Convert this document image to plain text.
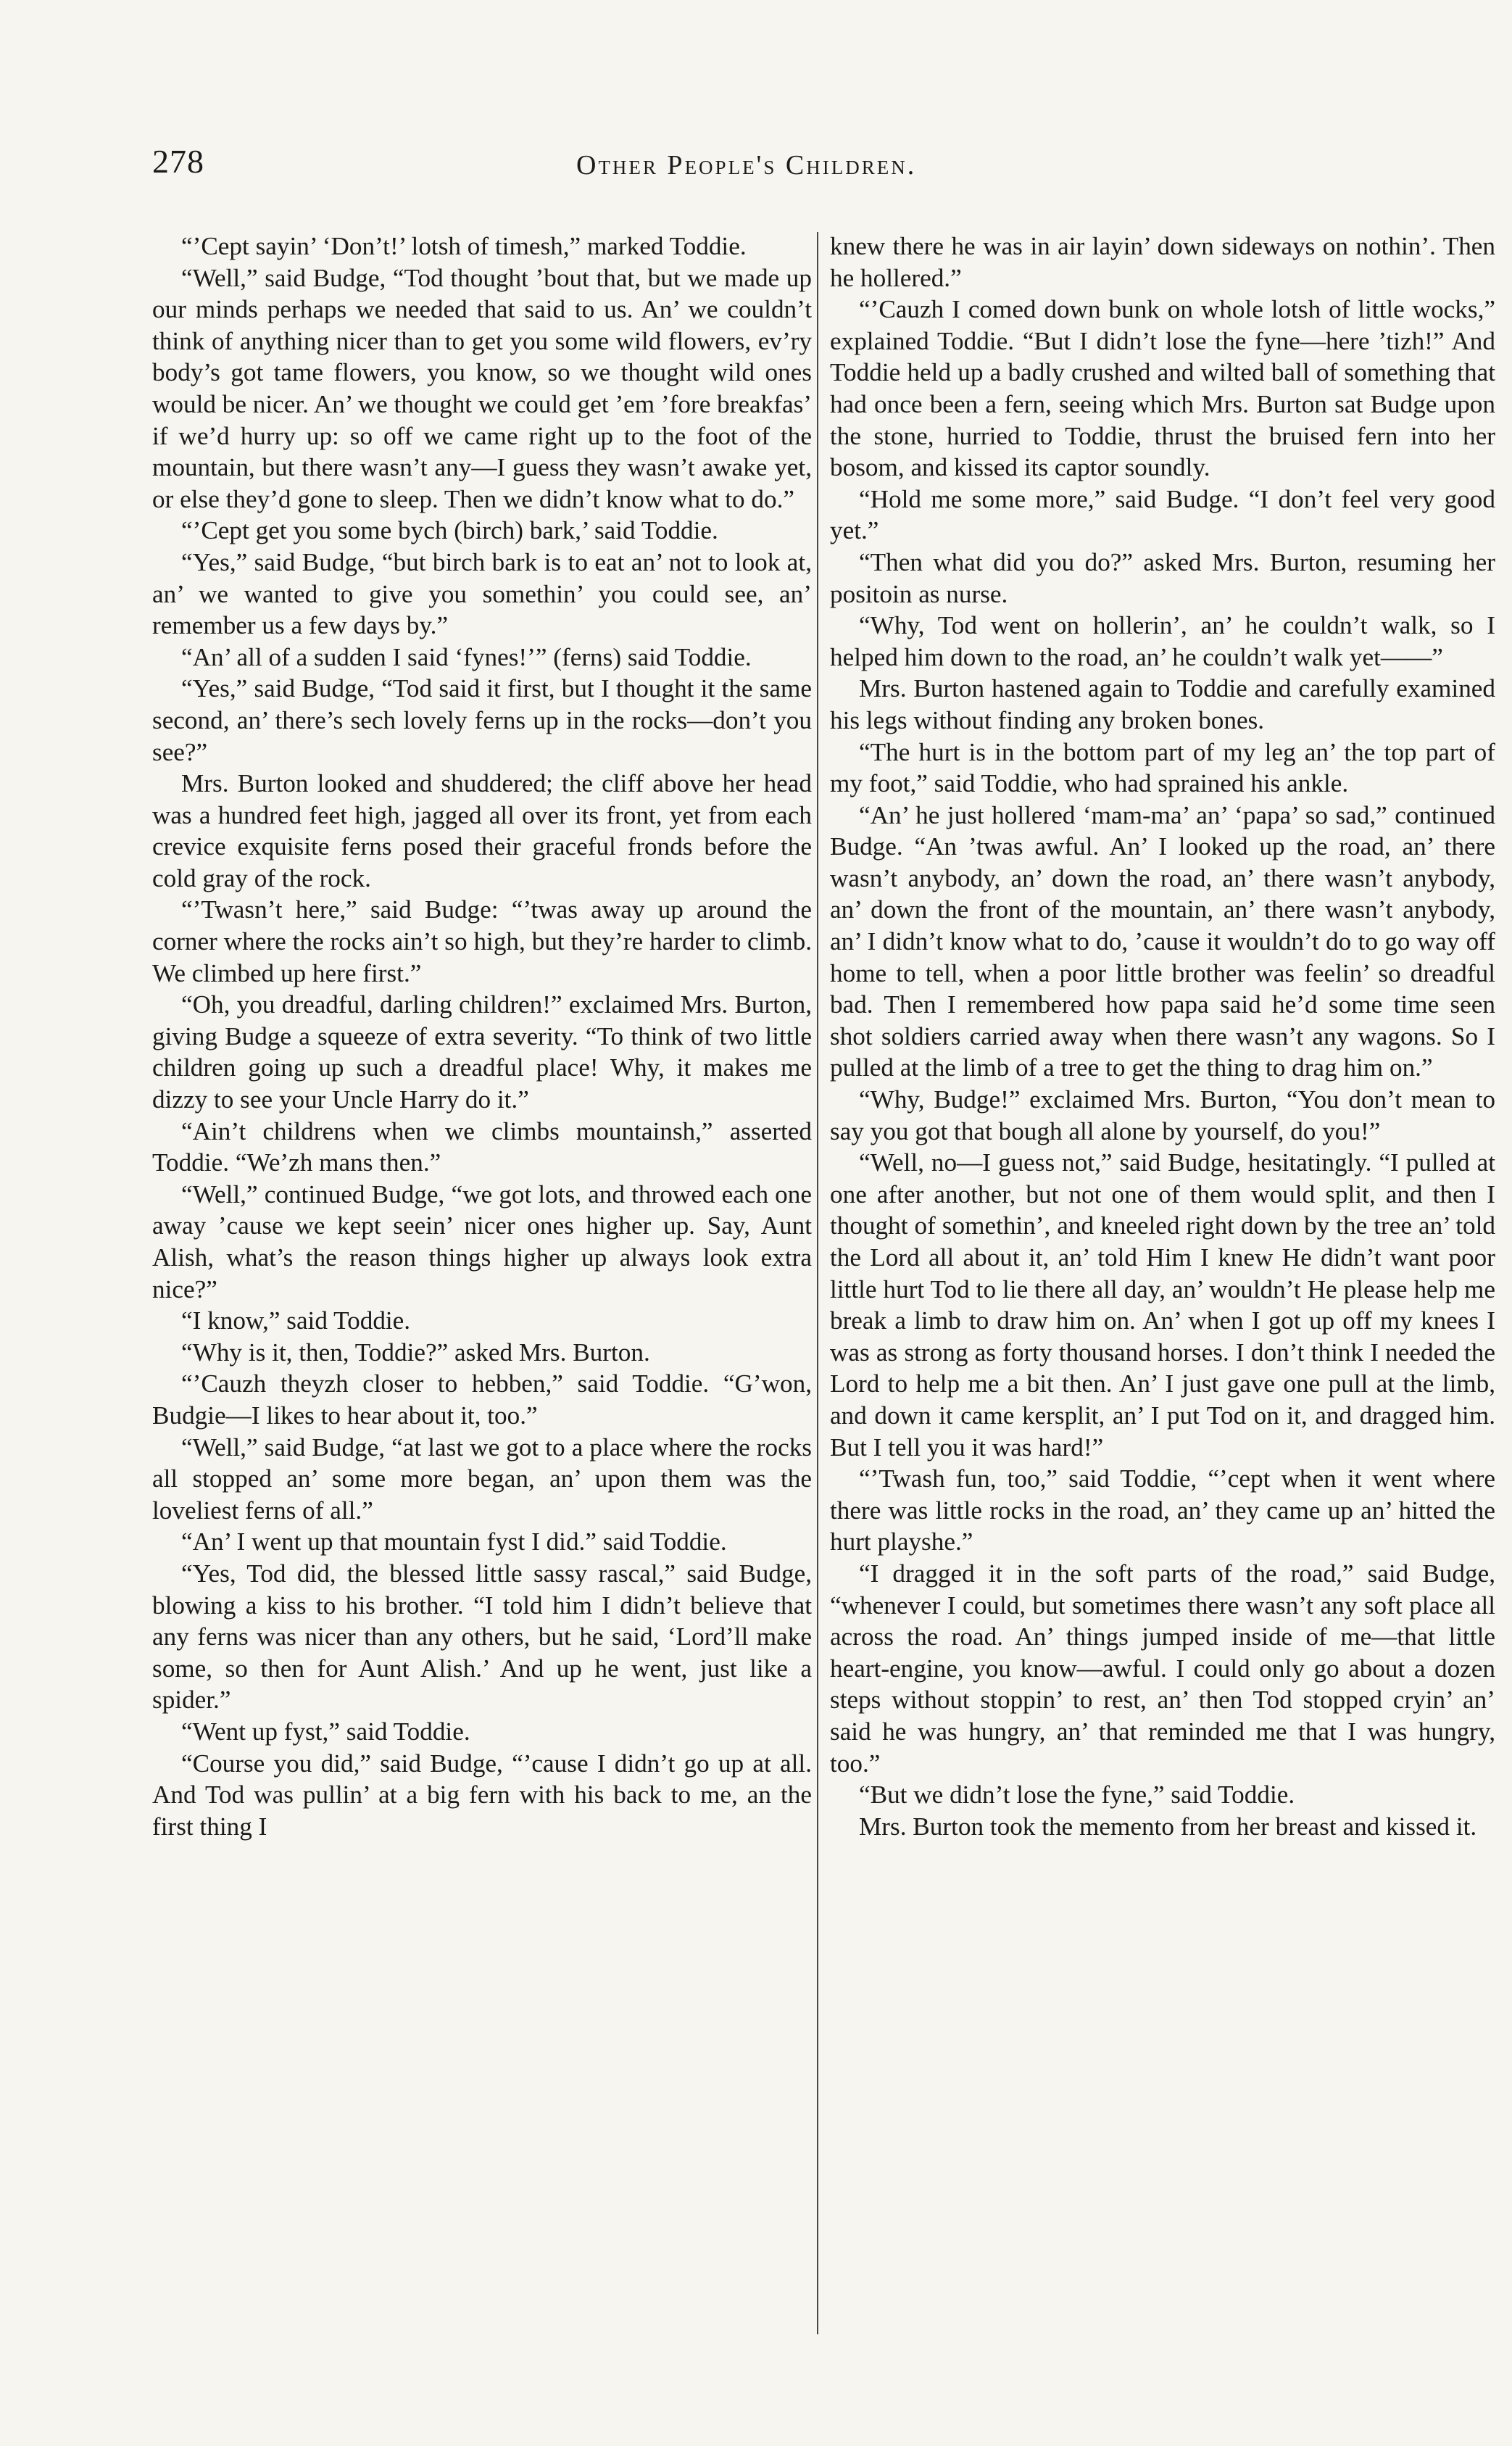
278	Other People's Children.

“’Cept sayin’ ‘Don’t!’ lotsh of timesh,” marked Toddie.

“Well,” said Budge, “Tod thought ’bout that, but we made up our minds perhaps we needed that said to us. An’ we couldn’t think of anything nicer than to get you some wild flowers, ev’ry body’s got tame flowers, you know, so we thought wild ones would be nicer. An’ we thought we could get ’em ’fore breakfas’ if we’d hurry up: so off we came right up to the foot of the mountain, but there wasn’t any—I guess they wasn’t awake yet, or else they’d gone to sleep. Then we didn’t know what to do.”

“’Cept get you some bych (birch) bark,’ said Toddie.

“Yes,” said Budge, “but birch bark is to eat an’ not to look at, an’ we wanted to give you somethin’ you could see, an’ remember us a few days by.”

“An’ all of a sudden I said ‘fynes!’” (ferns) said Toddie.

“Yes,” said Budge, “Tod said it first, but I thought it the same second, an’ there’s sech lovely ferns up in the rocks—don’t you see?”

Mrs. Burton looked and shuddered; the cliff above her head was a hundred feet high, jagged all over its front, yet from each crevice exquisite ferns posed their graceful fronds before the cold gray of the rock.

“’Twasn’t here,” said Budge: “’twas away up around the corner where the rocks ain’t so high, but they’re harder to climb. We climbed up here first.”

“Oh, you dreadful, darling children!” exclaimed Mrs. Burton, giving Budge a squeeze of extra severity. “To think of two little children going up such a dreadful place! Why, it makes me dizzy to see your Uncle Harry do it.”

“Ain’t childrens when we climbs mountainsh,” asserted Toddie. “We’zh mans then.”

“Well,” continued Budge, “we got lots, and throwed each one away ’cause we kept seein’ nicer ones higher up. Say, Aunt Alish, what’s the reason things higher up always look extra nice?”

“I know,” said Toddie.

“Why is it, then, Toddie?” asked Mrs. Burton.

“’Cauzh theyzh closer to hebben,” said Toddie. “G’won, Budgie—I likes to hear about it, too.”

“Well,” said Budge, “at last we got to a place where the rocks all stopped an’ some more began, an’ upon them was the loveliest ferns of all.”

“An’ I went up that mountain fyst I did.” said Toddie.

“Yes, Tod did, the blessed little sassy rascal,” said Budge, blowing a kiss to his brother. “I told him I didn’t believe that any ferns was nicer than any others, but he said, ‘Lord’ll make some, so then for Aunt Alish.’ And up he went, just like a spider.”

“Went up fyst,” said Toddie.

“Course you did,” said Budge, “’cause I didn’t go up at all. And Tod was pullin’ at a big fern with his back to me, an the first thing I

knew there he was in air layin’ down sideways on nothin’. Then he hollered.”

“’Cauzh I comed down bunk on whole lotsh of little wocks,” explained Toddie. “But I didn’t lose the fyne—here ’tizh!” And Toddie held up a badly crushed and wilted ball of something that had once been a fern, seeing which Mrs. Burton sat Budge upon the stone, hurried to Toddie, thrust the bruised fern into her bosom, and kissed its captor soundly.

“Hold me some more,” said Budge. “I don’t feel very good yet.”

“Then what did you do?” asked Mrs. Burton, resuming her positoin as nurse.

“Why, Tod went on hollerin’, an’ he couldn’t walk, so I helped him down to the road, an’ he couldn’t walk yet——”

Mrs. Burton hastened again to Toddie and carefully examined his legs without finding any broken bones.

“The hurt is in the bottom part of my leg an’ the top part of my foot,” said Toddie, who had sprained his ankle.

“An’ he just hollered ‘mam-ma’ an’ ‘papa’ so sad,” continued Budge. “An ’twas awful. An’ I looked up the road, an’ there wasn’t anybody, an’ down the road, an’ there wasn’t anybody, an’ down the front of the mountain, an’ there wasn’t anybody, an’ I didn’t know what to do, ’cause it wouldn’t do to go way off home to tell, when a poor little brother was feelin’ so dreadful bad. Then I remembered how papa said he’d some time seen shot soldiers carried away when there wasn’t any wagons. So I pulled at the limb of a tree to get the thing to drag him on.”

“Why, Budge!” exclaimed Mrs. Burton, “You don’t mean to say you got that bough all alone by yourself, do you!”

“Well, no—I guess not,” said Budge, hesitatingly. “I pulled at one after another, but not one of them would split, and then I thought of somethin’, and kneeled right down by the tree an’ told the Lord all about it, an’ told Him I knew He didn’t want poor little hurt Tod to lie there all day, an’ wouldn’t He please help me break a limb to draw him on. An’ when I got up off my knees I was as strong as forty thousand horses. I don’t think I needed the Lord to help me a bit then. An’ I just gave one pull at the limb, and down it came kersplit, an’ I put Tod on it, and dragged him. But I tell you it was hard!”

“’Twash fun, too,” said Toddie, “’cept when it went where there was little rocks in the road, an’ they came up an’ hitted the hurt playshe.”

“I dragged it in the soft parts of the road,” said Budge, “whenever I could, but sometimes there wasn’t any soft place all across the road. An’ things jumped inside of me—that little heart-engine, you know—awful. I could only go about a dozen steps without stoppin’ to rest, an’ then Tod stopped cryin’ an’ said he was hungry, an’ that reminded me that I was hungry, too.”

“But we didn’t lose the fyne,” said Toddie.

Mrs. Burton took the memento from her breast and kissed it.
